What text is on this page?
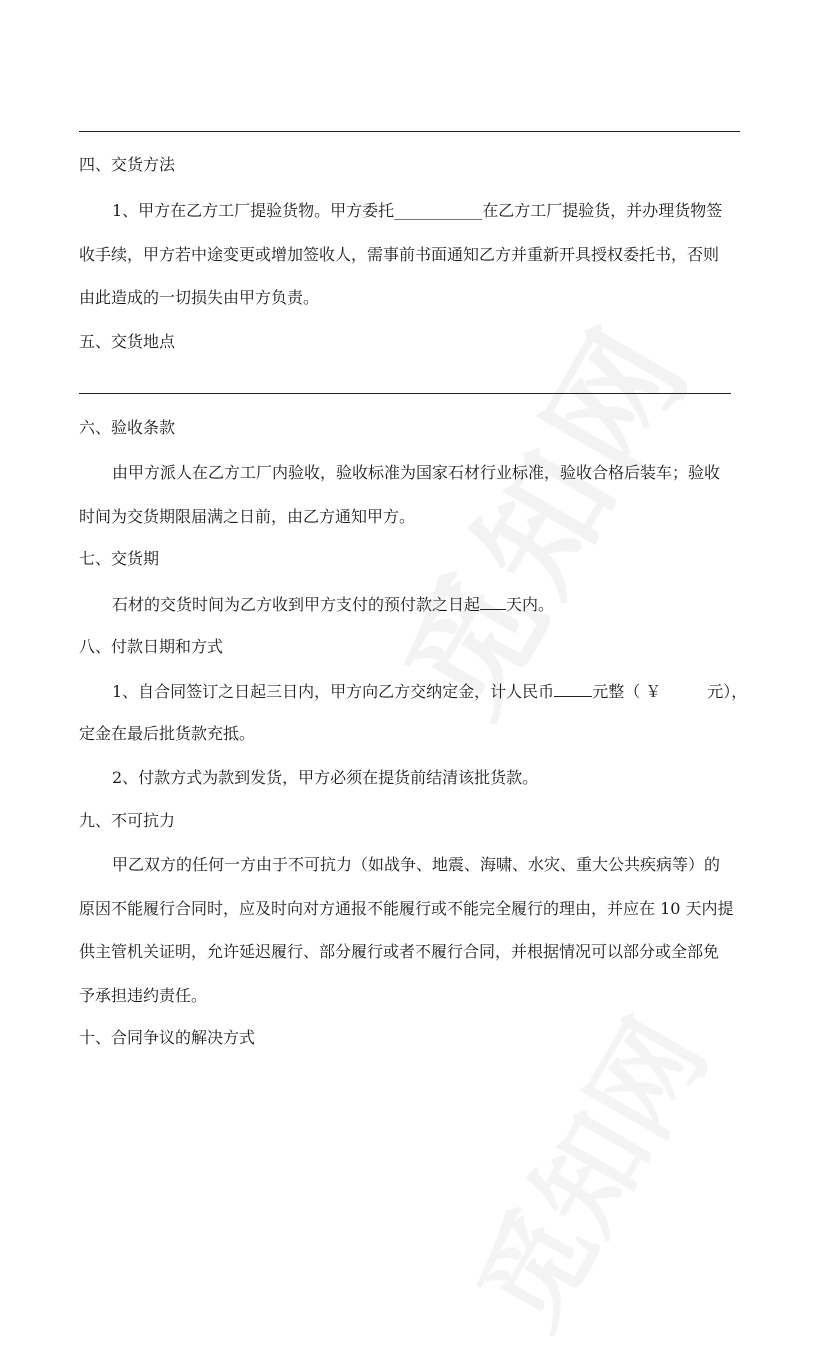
四、交货方法
1、甲方在乙方工厂提验货物。甲方委托___________在乙方工厂提验货，并办理货物签
收手续，甲方若中途变更或增加签收人，需事前书面通知乙方并重新开具授权委托书，否则
由此造成的一切损失由甲方负责。
五、交货地点
六、验收条款
由甲方派人在乙方工厂内验收，验收标准为国家石材行业标准，验收合格后装车；验收
时间为交货期限届满之日前，由乙方通知甲方。
七、交货期
石材的交货时间为乙方收到甲方支付的预付款之日起 天内。
八、付款日期和方式
1、自合同签订之日起三日内，甲方向乙方交纳定金，计人民币 元整（ ￥	元），
定金在最后批货款充抵。
2、付款方式为款到发货，甲方必须在提货前结清该批货款。
九、不可抗力
甲乙双方的任何一方由于不可抗力（如战争、地震、海啸、水灾、重大公共疾病等）的
原因不能履行合同时，应及时向对方通报不能履行或不能完全履行的理由，并应在 10 天内提
供主管机关证明，允许延迟履行、部分履行或者不履行合同，并根据情况可以部分或全部免
予承担违约责任。
十、合同争议的解决方式
